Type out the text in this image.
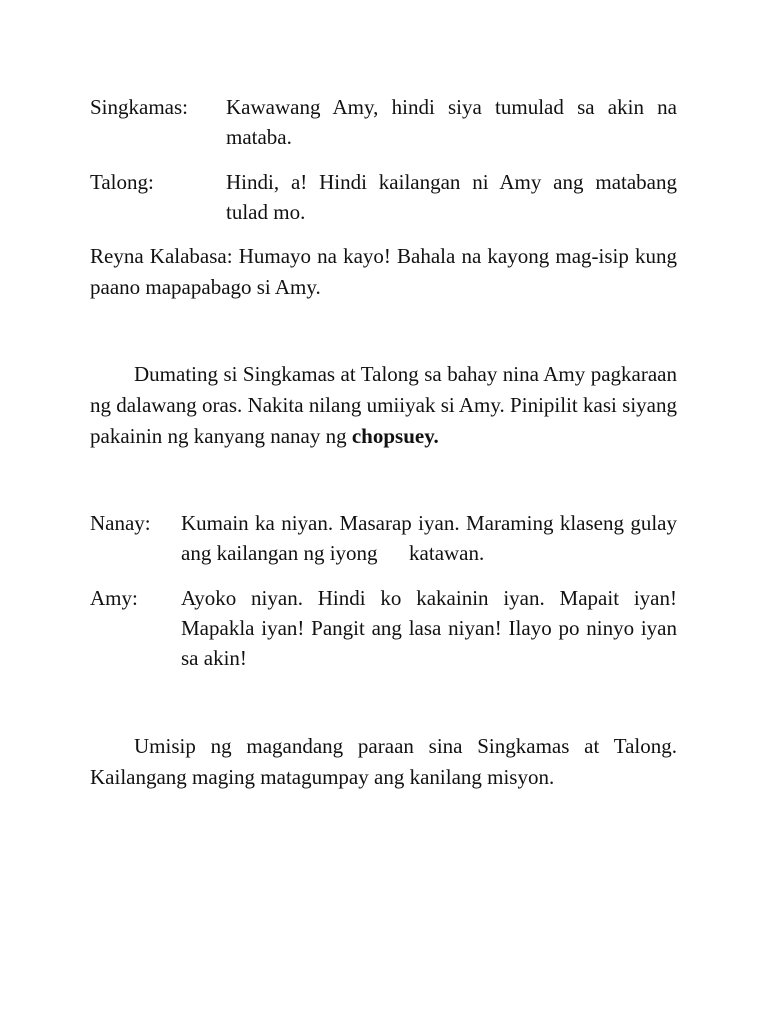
Singkamas:	Kawawang Amy, hindi siya tumulad sa akin na mataba.
Talong:	Hindi, a! Hindi kailangan ni Amy ang matabang tulad mo.

Reyna Kalabasa: Humayo na kayo! Bahala na kayong mag-isip kung paano mapapabago si Amy.

Dumating si Singkamas at Talong sa bahay nina Amy pagkaraan ng dalawang oras. Nakita nilang umiiyak si Amy. Pinipilit kasi siyang pakainin ng kanyang nanay ng chopsuey.

Nanay:	Kumain ka niyan. Masarap iyan. Maraming klaseng gulay ang kailangan ng iyong      katawan.
Amy:	Ayoko niyan. Hindi ko kakainin iyan. Mapait iyan! Mapakla iyan! Pangit ang lasa niyan! Ilayo po ninyo iyan sa akin!

Umisip ng magandang paraan sina Singkamas at Talong. Kailangang maging matagumpay ang kanilang misyon.
